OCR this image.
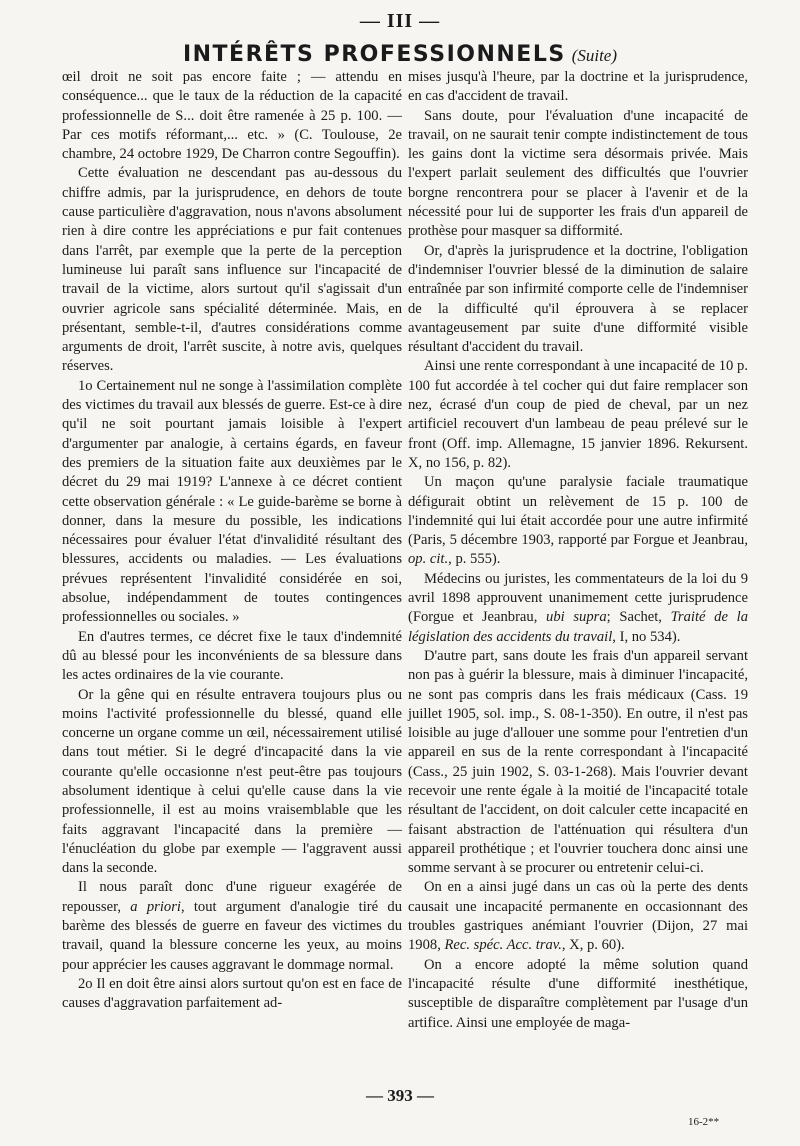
— III —
INTÉRÊTS PROFESSIONNELS (Suite)

œil droit ne soit pas encore faite ; — attendu en conséquence... que le taux de la réduction de la capacité professionnelle de S... doit être ramenée à 25 p. 100. — Par ces motifs réformant,... etc. » (C. Toulouse, 2e chambre, 24 octobre 1929, De Charron contre Segouffin).

Cette évaluation ne descendant pas au-dessous du chiffre admis, par la jurisprudence, en dehors de toute cause particulière d'aggravation, nous n'avons absolument rien à dire contre les appréciations e pur fait contenues dans l'arrêt, par exemple que la perte de la perception lumineuse lui paraît sans influence sur l'incapacité de travail de la victime, alors surtout qu'il s'agissait d'un ouvrier agricole sans spécialité déterminée. Mais, en présentant, semble-t-il, d'autres considérations comme arguments de droit, l'arrêt suscite, à notre avis, quelques réserves.

1o Certainement nul ne songe à l'assimilation complète des victimes du travail aux blessés de guerre. Est-ce à dire qu'il ne soit pourtant jamais loisible à l'expert d'argumenter par analogie, à certains égards, en faveur des premiers de la situation faite aux deuxièmes par le décret du 29 mai 1919? L'annexe à ce décret contient cette observation générale : « Le guide-barème se borne à donner, dans la mesure du possible, les indications nécessaires pour évaluer l'état d'invalidité résultant des blessures, accidents ou maladies. — Les évaluations prévues représentent l'invalidité considérée en soi, absolue, indépendamment de toutes contingences professionnelles ou sociales. »

En d'autres termes, ce décret fixe le taux d'indemnité dû au blessé pour les inconvénients de sa blessure dans les actes ordinaires de la vie courante.

Or la gêne qui en résulte entravera toujours plus ou moins l'activité professionnelle du blessé, quand elle concerne un organe comme un œil, nécessairement utilisé dans tout métier. Si le degré d'incapacité dans la vie courante qu'elle occasionne n'est peut-être pas toujours absolument identique à celui qu'elle cause dans la vie professionnelle, il est au moins vraisemblable que les faits aggravant l'incapacité dans la première — l'énucléation du globe par exemple — l'aggravent aussi dans la seconde.

Il nous paraît donc d'une rigueur exagérée de repousser, a priori, tout argument d'analogie tiré du barème des blessés de guerre en faveur des victimes du travail, quand la blessure concerne les yeux, au moins pour apprécier les causes aggravant le dommage normal.

2o Il en doit être ainsi alors surtout qu'on est en face de causes d'aggravation parfaitement ad-

mises jusqu'à l'heure, par la doctrine et la jurisprudence, en cas d'accident de travail.

Sans doute, pour l'évaluation d'une incapacité de travail, on ne saurait tenir compte indistinctement de tous les gains dont la victime sera désormais privée. Mais l'expert parlait seulement des difficultés que l'ouvrier borgne rencontrera pour se placer à l'avenir et de la nécessité pour lui de supporter les frais d'un appareil de prothèse pour masquer sa difformité.

Or, d'après la jurisprudence et la doctrine, l'obligation d'indemniser l'ouvrier blessé de la diminution de salaire entraînée par son infirmité comporte celle de l'indemniser de la difficulté qu'il éprouvera à se replacer avantageusement par suite d'une difformité visible résultant d'accident du travail.

Ainsi une rente correspondant à une incapacité de 10 p. 100 fut accordée à tel cocher qui dut faire remplacer son nez, écrasé d'un coup de pied de cheval, par un nez artificiel recouvert d'un lambeau de peau prélevé sur le front (Off. imp. Allemagne, 15 janvier 1896. Rekursent. X, no 156, p. 82).

Un maçon qu'une paralysie faciale traumatique défigurait obtint un relèvement de 15 p. 100 de l'indemnité qui lui était accordée pour une autre infirmité (Paris, 5 décembre 1903, rapporté par Forgue et Jeanbrau, op. cit., p. 555).

Médecins ou juristes, les commentateurs de la loi du 9 avril 1898 approuvent unanimement cette jurisprudence (Forgue et Jeanbrau, ubi supra; Sachet, Traité de la législation des accidents du travail, I, no 534).

D'autre part, sans doute les frais d'un appareil servant non pas à guérir la blessure, mais à diminuer l'incapacité, ne sont pas compris dans les frais médicaux (Cass. 19 juillet 1905, sol. imp., S. 08-1-350). En outre, il n'est pas loisible au juge d'allouer une somme pour l'entretien d'un appareil en sus de la rente correspondant à l'incapacité (Cass., 25 juin 1902, S. 03-1-268). Mais l'ouvrier devant recevoir une rente égale à la moitié de l'incapacité totale résultant de l'accident, on doit calculer cette incapacité en faisant abstraction de l'atténuation qui résultera d'un appareil prothétique ; et l'ouvrier touchera donc ainsi une somme servant à se procurer ou entretenir celui-ci.

On en a ainsi jugé dans un cas où la perte des dents causait une incapacité permanente en occasionnant des troubles gastriques anémiant l'ouvrier (Dijon, 27 mai 1908, Rec. spéc. Acc. trav., X, p. 60).

On a encore adopté la même solution quand l'incapacité résulte d'une difformité inesthétique, susceptible de disparaître complètement par l'usage d'un artifice. Ainsi une employée de maga-

— 393 —
16-2**
